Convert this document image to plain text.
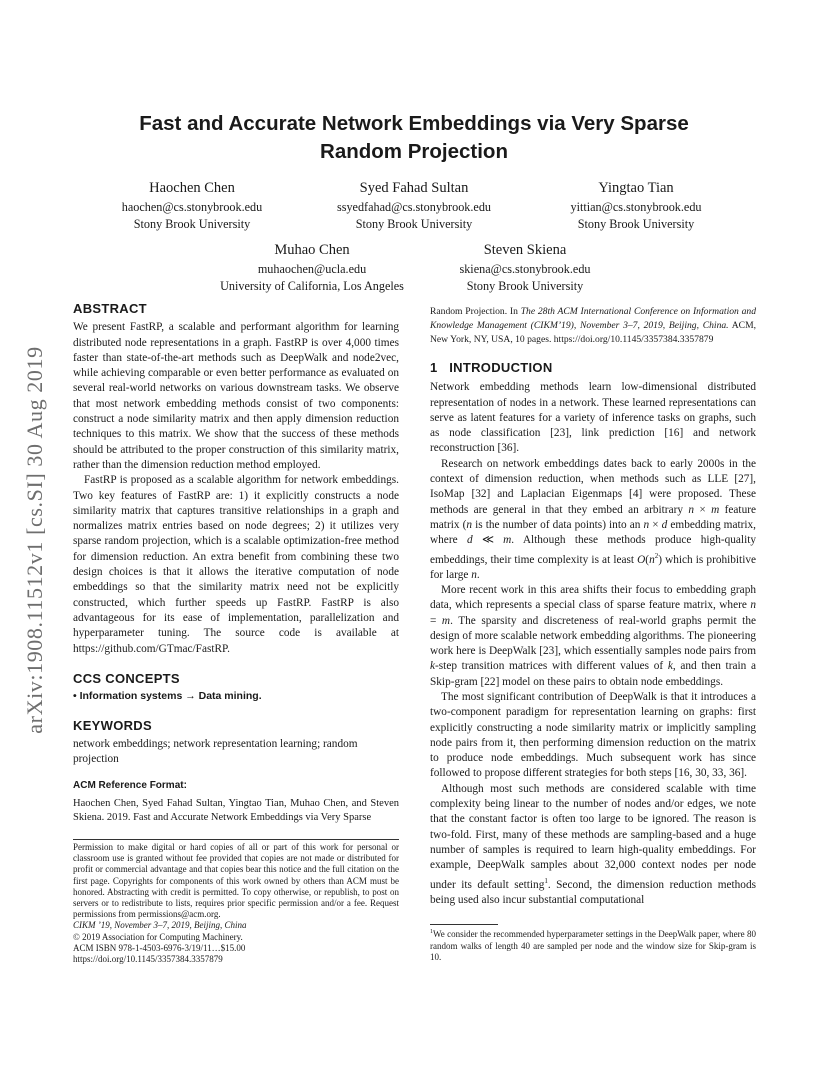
arXiv:1908.11512v1 [cs.SI] 30 Aug 2019
Fast and Accurate Network Embeddings via Very Sparse
Random Projection
Haochen Chen
haochen@cs.stonybrook.edu
Stony Brook University
Syed Fahad Sultan
ssyedfahad@cs.stonybrook.edu
Stony Brook University
Yingtao Tian
yittian@cs.stonybrook.edu
Stony Brook University
Muhao Chen
muhaochen@ucla.edu
University of California, Los Angeles
Steven Skiena
skiena@cs.stonybrook.edu
Stony Brook University
ABSTRACT

We present FastRP, a scalable and performant algorithm for learning distributed node representations in a graph. FastRP is over 4,000 times faster than state-of-the-art methods such as DeepWalk and node2vec, while achieving comparable or even better performance as evaluated on several real-world networks on various downstream tasks. We observe that most network embedding methods consist of two components: construct a node similarity matrix and then apply dimension reduction techniques to this matrix. We show that the success of these methods should be attributed to the proper construction of this similarity matrix, rather than the dimension reduction method employed.

FastRP is proposed as a scalable algorithm for network embeddings. Two key features of FastRP are: 1) it explicitly constructs a node similarity matrix that captures transitive relationships in a graph and normalizes matrix entries based on node degrees; 2) it utilizes very sparse random projection, which is a scalable optimization-free method for dimension reduction. An extra benefit from combining these two design choices is that it allows the iterative computation of node embeddings so that the similarity matrix need not be explicitly constructed, which further speeds up FastRP. FastRP is also advantageous for its ease of implementation, parallelization and hyperparameter tuning. The source code is available at https://github.com/GTmac/FastRP.

CCS CONCEPTS

• Information systems → Data mining.

KEYWORDS

network embeddings; network representation learning; random projection

ACM Reference Format:

Haochen Chen, Syed Fahad Sultan, Yingtao Tian, Muhao Chen, and Steven Skiena. 2019. Fast and Accurate Network Embeddings via Very Sparse

Permission to make digital or hard copies of all or part of this work for personal or classroom use is granted without fee provided that copies are not made or distributed for profit or commercial advantage and that copies bear this notice and the full citation on the first page. Copyrights for components of this work owned by others than ACM must be honored. Abstracting with credit is permitted. To copy otherwise, or republish, to post on servers or to redistribute to lists, requires prior specific permission and/or a fee. Request permissions from permissions@acm.org.
CIKM ’19, November 3–7, 2019, Beijing, China
© 2019 Association for Computing Machinery.
ACM ISBN 978-1-4503-6976-3/19/11…$15.00
https://doi.org/10.1145/3357384.3357879

Random Projection. In The 28th ACM International Conference on Information and Knowledge Management (CIKM’19), November 3–7, 2019, Beijing, China. ACM, New York, NY, USA, 10 pages. https://doi.org/10.1145/3357384.3357879

1   INTRODUCTION

Network embedding methods learn low-dimensional distributed representation of nodes in a network. These learned representations can serve as latent features for a variety of inference tasks on graphs, such as node classification [23], link prediction [16] and network reconstruction [36].

Research on network embeddings dates back to early 2000s in the context of dimension reduction, when methods such as LLE [27], IsoMap [32] and Laplacian Eigenmaps [4] were proposed. These methods are general in that they embed an arbitrary n × m feature matrix (n is the number of data points) into an n × d embedding matrix, where d ≪ m. Although these methods produce high-quality embeddings, their time complexity is at least $O(n^2)$ which is prohibitive for large n.

More recent work in this area shifts their focus to embedding graph data, which represents a special class of sparse feature matrix, where n = m. The sparsity and discreteness of real-world graphs permit the design of more scalable network embedding algorithms. The pioneering work here is DeepWalk [23], which essentially samples node pairs from k-step transition matrices with different values of k, and then train a Skip-gram [22] model on these pairs to obtain node embeddings.

The most significant contribution of DeepWalk is that it introduces a two-component paradigm for representation learning on graphs: first explicitly constructing a node similarity matrix or implicitly sampling node pairs from it, then performing dimension reduction on the matrix to produce node embeddings. Much subsequent work has since followed to propose different strategies for both steps [16, 30, 33, 36].

Although most such methods are considered scalable with time complexity being linear to the number of nodes and/or edges, we note that the constant factor is often too large to be ignored. The reason is two-fold. First, many of these methods are sampling-based and a huge number of samples is required to learn high-quality embeddings. For example, DeepWalk samples about 32,000 context nodes per node under its default setting$^1$. Second, the dimension reduction methods being used also incur substantial computational

$^1$We consider the recommended hyperparameter settings in the DeepWalk paper, where 80 random walks of length 40 are sampled per node and the window size for Skip-gram is 10.
